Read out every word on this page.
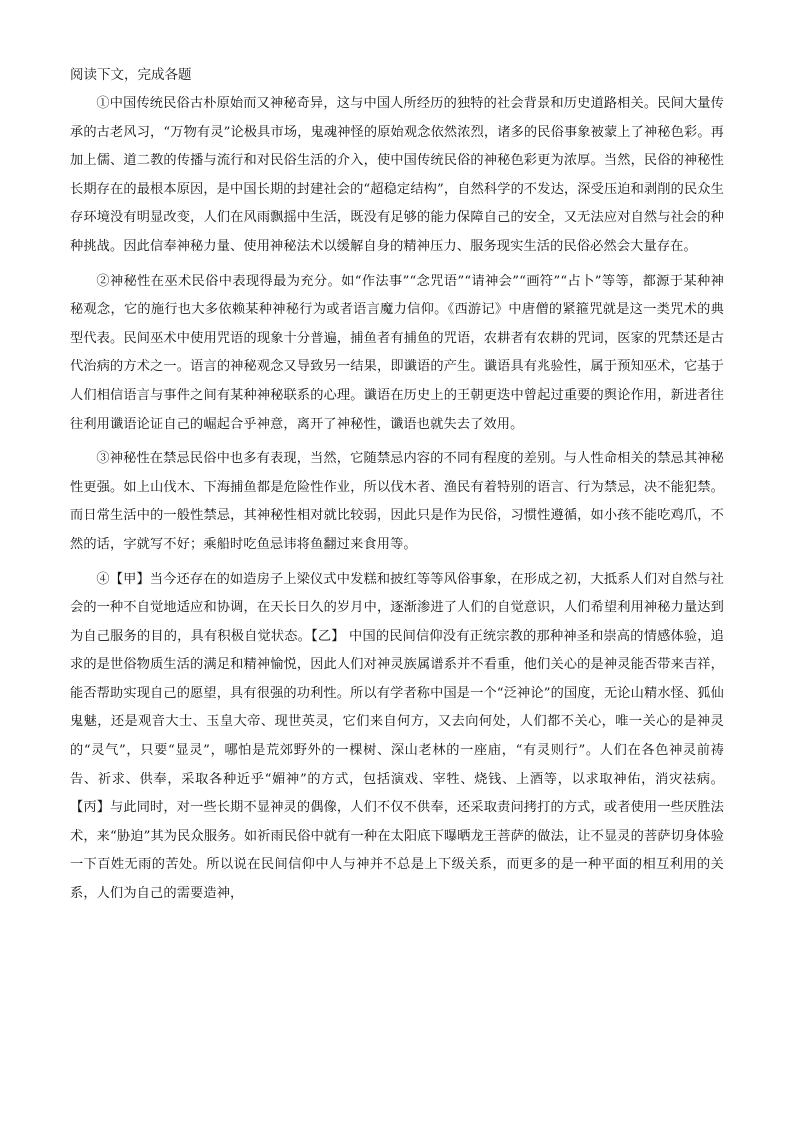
阅读下文，完成各题

①中国传统民俗古朴原始而又神秘奇异，这与中国人所经历的独特的社会背景和历史道路相关。民间大量传承的古老风习，“万物有灵”论极具市场，鬼魂神怪的原始观念依然浓烈，诸多的民俗事象被蒙上了神秘色彩。再加上儒、道二教的传播与流行和对民俗生活的介入，使中国传统民俗的神秘色彩更为浓厚。当然，民俗的神秘性长期存在的最根本原因，是中国长期的封建社会的“超稳定结构”，自然科学的不发达，深受压迫和剥削的民众生存环境没有明显改变，人们在风雨飘摇中生活，既没有足够的能力保障自己的安全，又无法应对自然与社会的种种挑战。因此信奉神秘力量、使用神秘法术以缓解自身的精神压力、服务现实生活的民俗必然会大量存在。

②神秘性在巫术民俗中表现得最为充分。如“作法事”“念咒语”“请神会”“画符”“占卜”等等，都源于某种神秘观念，它的施行也大多依赖某种神秘行为或者语言魔力信仰。《西游记》中唐僧的紧箍咒就是这一类咒术的典型代表。民间巫术中使用咒语的现象十分普遍，捕鱼者有捕鱼的咒语，农耕者有农耕的咒词，医家的咒禁还是古代治病的方术之一。语言的神秘观念又导致另一结果，即谶语的产生。谶语具有兆验性，属于预知巫术，它基于人们相信语言与事件之间有某种神秘联系的心理。谶语在历史上的王朝更迭中曾起过重要的舆论作用，新进者往往利用谶语论证自己的崛起合乎神意，离开了神秘性，谶语也就失去了效用。

③神秘性在禁忌民俗中也多有表现，当然，它随禁忌内容的不同有程度的差别。与人性命相关的禁忌其神秘性更强。如上山伐木、下海捕鱼都是危险性作业，所以伐木者、渔民有着特别的语言、行为禁忌，决不能犯禁。而日常生活中的一般性禁忌，其神秘性相对就比较弱，因此只是作为民俗，习惯性遵循，如小孩不能吃鸡爪，不然的话，字就写不好；乘船时吃鱼忌讳将鱼翻过来食用等。

④【甲】当今还存在的如造房子上梁仪式中发糕和披红等等风俗事象，在形成之初，大抵系人们对自然与社会的一种不自觉地适应和协调，在天长日久的岁月中，逐渐渗进了人们的自觉意识，人们希望利用神秘力量达到为自己服务的目的，具有积极自觉状态。【乙】 中国的民间信仰没有正统宗教的那种神圣和崇高的情感体验，追求的是世俗物质生活的满足和精神愉悦，因此人们对神灵族属谱系并不看重，他们关心的是神灵能否带来吉祥，能否帮助实现自己的愿望，具有很强的功利性。所以有学者称中国是一个“泛神论”的国度，无论山精水怪、狐仙鬼魅，还是观音大士、玉皇大帝、现世英灵，它们来自何方，又去向何处，人们都不关心，唯一关心的是神灵的“灵气”，只要“显灵”，哪怕是荒郊野外的一棵树、深山老林的一座庙，“有灵则行”。人们在各色神灵前祷告、祈求、供奉，采取各种近乎“媚神”的方式，包括演戏、宰牲、烧钱、上酒等，以求取神佑，消灾祛病。【丙】与此同时，对一些长期不显神灵的偶像，人们不仅不供奉，还采取责问拷打的方式，或者使用一些厌胜法术，来“胁迫”其为民众服务。如祈雨民俗中就有一种在太阳底下曝晒龙王菩萨的做法，让不显灵的菩萨切身体验一下百姓无雨的苦处。所以说在民间信仰中人与神并不总是上下级关系，而更多的是一种平面的相互利用的关系，人们为自己的需要造神，
